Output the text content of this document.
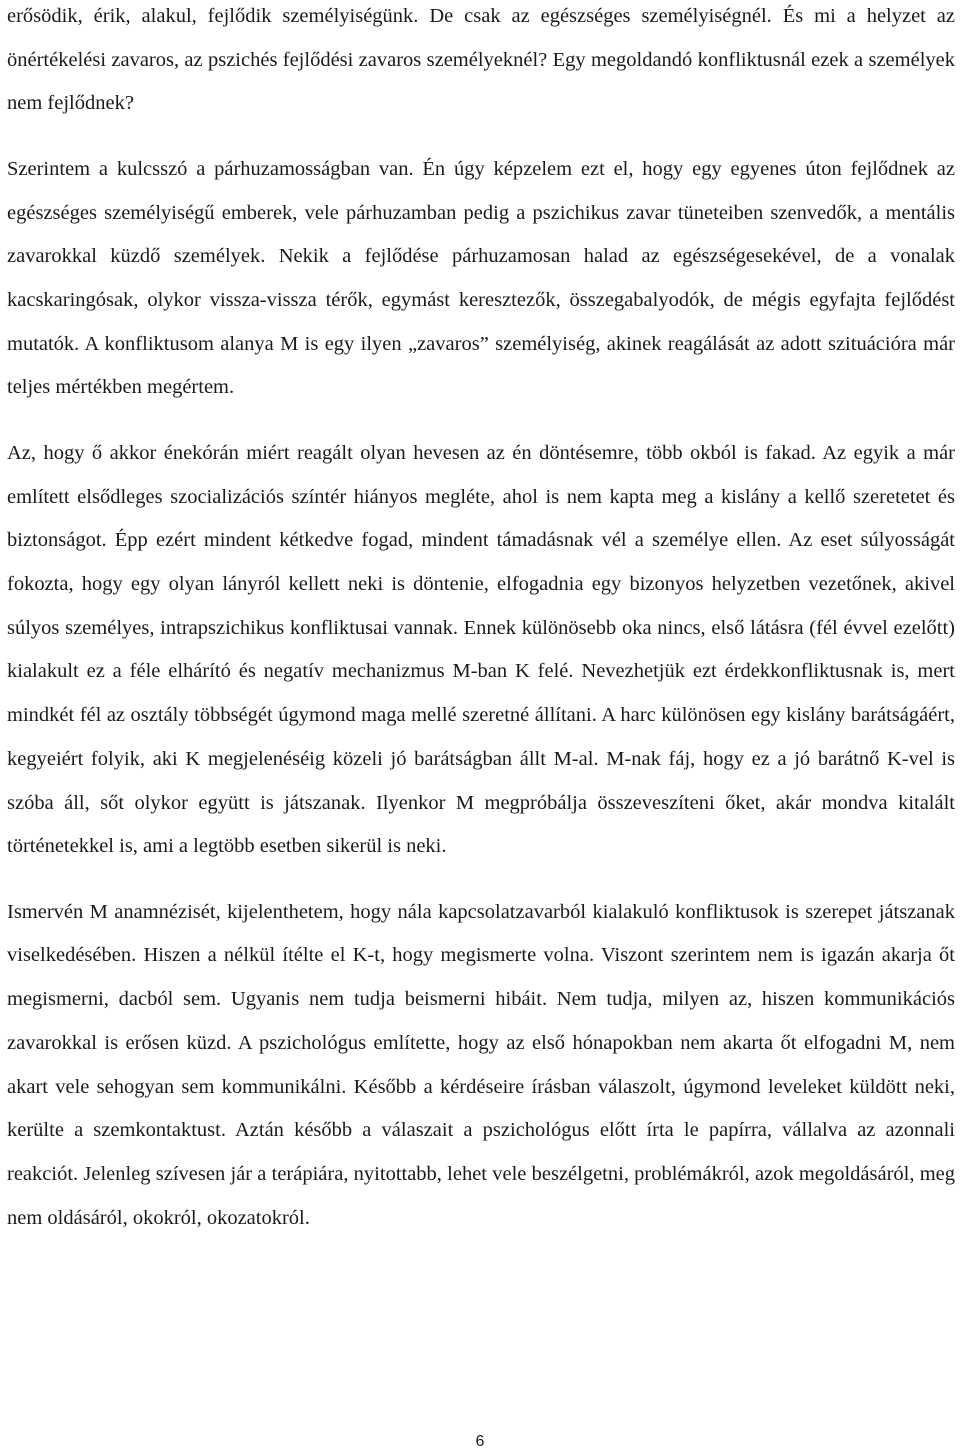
erősödik, érik, alakul, fejlődik személyiségünk. De csak az egészséges személyiségnél. És mi a helyzet az önértékelési zavaros, az pszichés fejlődési zavaros személyeknél? Egy megoldandó konfliktusnál ezek a személyek nem fejlődnek?

Szerintem a kulcsszó a párhuzamosságban van. Én úgy képzelem ezt el, hogy egy egyenes úton fejlődnek az egészséges személyiségű emberek, vele párhuzamban pedig a pszichikus zavar tüneteiben szenvedők, a mentális zavarokkal küzdő személyek. Nekik a fejlődése párhuzamosan halad az egészségesekével, de a vonalak kacskaringósak, olykor vissza-vissza térők, egymást keresztezők, összegabalyodók, de mégis egyfajta fejlődést mutatók. A konfliktusom alanya M is egy ilyen „zavaros” személyiség, akinek reagálását az adott szituációra már teljes mértékben megértem.

Az, hogy ő akkor énekórán miért reagált olyan hevesen az én döntésemre, több okból is fakad. Az egyik a már említett elsődleges szocializációs színtér hiányos megléte, ahol is nem kapta meg a kislány a kellő szeretetet és biztonságot. Épp ezért mindent kétkedve fogad, mindent támadásnak vél a személye ellen. Az eset súlyosságát fokozta, hogy egy olyan lányról kellett neki is döntenie, elfogadnia egy bizonyos helyzetben vezetőnek, akivel súlyos személyes, intrapszichikus konfliktusai vannak. Ennek különösebb oka nincs, első látásra (fél évvel ezelőtt) kialakult ez a féle elhárító és negatív mechanizmus M-ban K felé. Nevezhetjük ezt érdekkonfliktusnak is, mert mindkét fél az osztály többségét úgymond maga mellé szeretné állítani. A harc különösen egy kislány barátságáért, kegyeiért folyik, aki K megjelenéséig közeli jó barátságban állt M-al. M-nak fáj, hogy ez a jó barátnő K-vel is szóba áll, sőt olykor együtt is játszanak. Ilyenkor M megpróbálja összeveszíteni őket, akár mondva kitalált történetekkel is, ami a legtöbb esetben sikerül is neki.

Ismervén M anamnézisét, kijelenthetem, hogy nála kapcsolatzavarból kialakuló konfliktusok is szerepet játszanak viselkedésében. Hiszen a nélkül ítélte el K-t, hogy megismerte volna. Viszont szerintem nem is igazán akarja őt megismerni, dacból sem. Ugyanis nem tudja beismerni hibáit. Nem tudja, milyen az, hiszen kommunikációs zavarokkal is erősen küzd. A pszichológus említette, hogy az első hónapokban nem akarta őt elfogadni M, nem akart vele sehogyan sem kommunikálni. Később a kérdéseire írásban válaszolt, úgymond leveleket küldött neki, kerülte a szemkontaktust. Aztán később a válaszait a pszichológus előtt írta le papírra, vállalva az azonnali reakciót. Jelenleg szívesen jár a terápiára, nyitottabb, lehet vele beszélgetni, problémákról, azok megoldásáról, meg nem oldásáról, okokról, okozatokról.

6
